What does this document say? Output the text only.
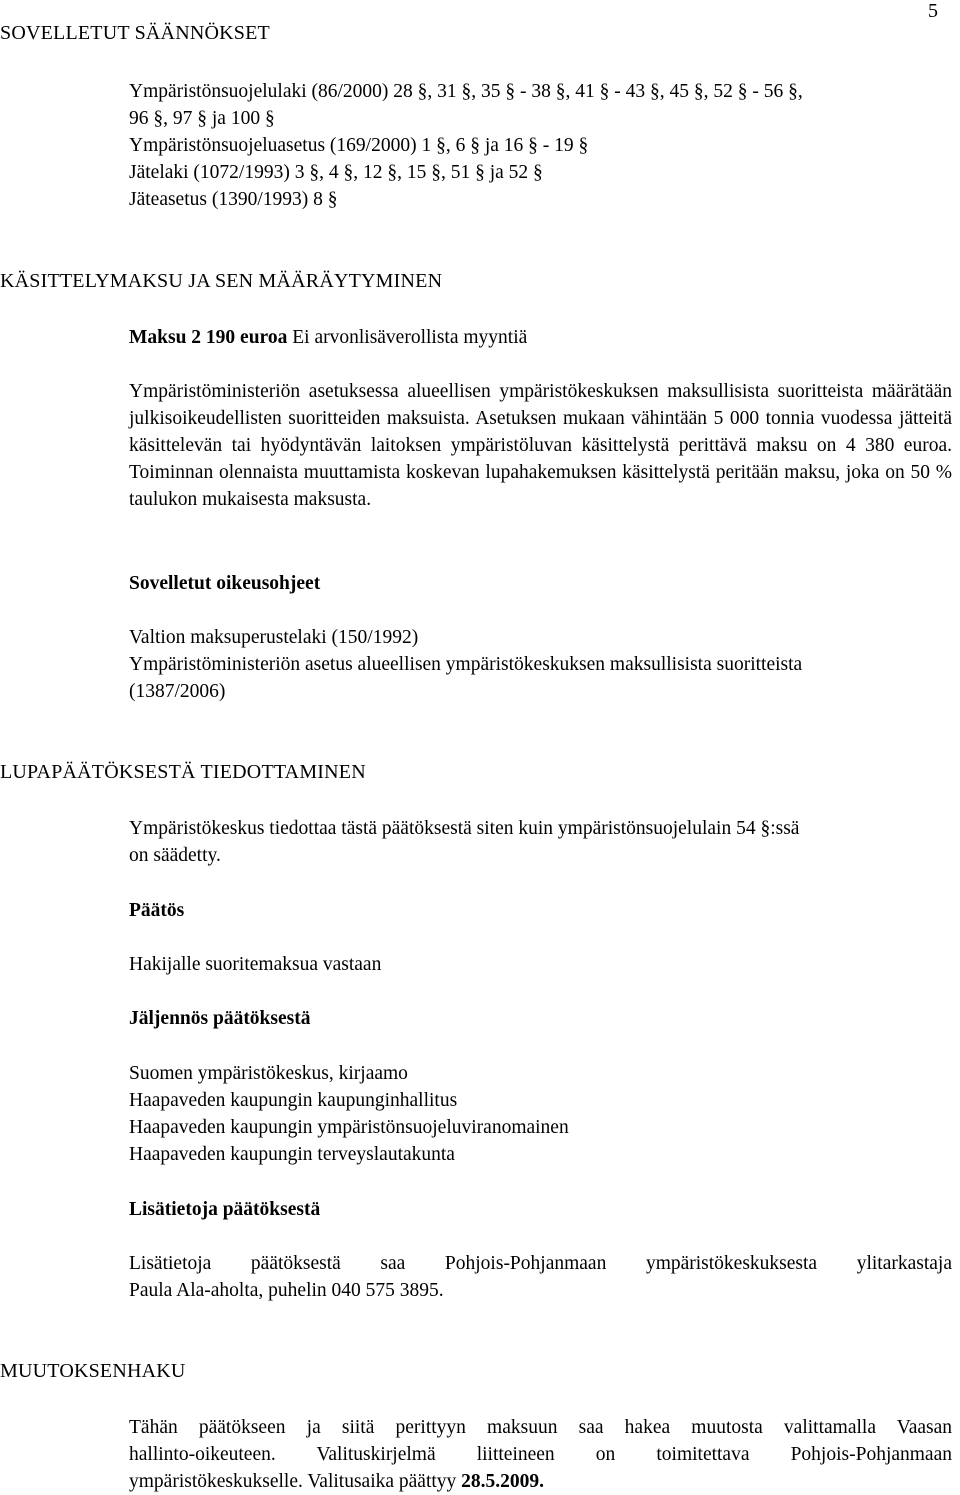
5
SOVELLETUT SÄÄNNÖKSET
Ympäristönsuojelulaki (86/2000) 28 §, 31 §, 35 § - 38 §, 41 § - 43 §, 45 §, 52 § - 56 §,
96 §, 97 § ja 100 §
Ympäristönsuojeluasetus (169/2000) 1 §, 6 § ja 16 § - 19 §
Jätelaki (1072/1993) 3 §, 4 §, 12 §, 15 §, 51 § ja 52 §
Jäteasetus (1390/1993) 8 §
KÄSITTELYMAKSU JA SEN MÄÄRÄYTYMINEN
Maksu 2 190 euroa Ei arvonlisäverollista myyntiä
Ympäristöministeriön asetuksessa alueellisen ympäristökeskuksen maksullisista suoritteista määrätään julkisoikeudellisten suoritteiden maksuista. Asetuksen mukaan vähintään 5 000 tonnia vuodessa jätteitä käsittelevän tai hyödyntävän laitoksen ympäristöluvan käsittelystä perittävä maksu on 4 380 euroa. Toiminnan olennaista muuttamista koskevan lupahakemuksen käsittelystä peritään maksu, joka on 50 % taulukon mukaisesta maksusta.
Sovelletut oikeusohjeet
Valtion maksuperustelaki (150/1992)
Ympäristöministeriön asetus alueellisen ympäristökeskuksen maksullisista suoritteista
(1387/2006)
LUPAPÄÄTÖKSESTÄ TIEDOTTAMINEN
Ympäristökeskus tiedottaa tästä päätöksestä siten kuin ympäristönsuojelulain 54 §:ssä
on säädetty.
Päätös
Hakijalle suoritemaksua vastaan
Jäljennös päätöksestä
Suomen ympäristökeskus, kirjaamo
Haapaveden kaupungin kaupunginhallitus
Haapaveden kaupungin ympäristönsuojeluviranomainen
Haapaveden kaupungin terveyslautakunta
Lisätietoja päätöksestä
Lisätietoja päätöksestä saa Pohjois-Pohjanmaan ympäristökeskuksesta ylitarkastaja
Paula Ala-aholta, puhelin 040 575 3895.
MUUTOKSENHAKU
Tähän päätökseen ja siitä perittyyn maksuun saa hakea muutosta valittamalla Vaasan
hallinto-oikeuteen. Valituskirjelmä liitteineen on toimitettava Pohjois-Pohjanmaan
ympäristökeskukselle. Valitusaika päättyy 28.5.2009.
